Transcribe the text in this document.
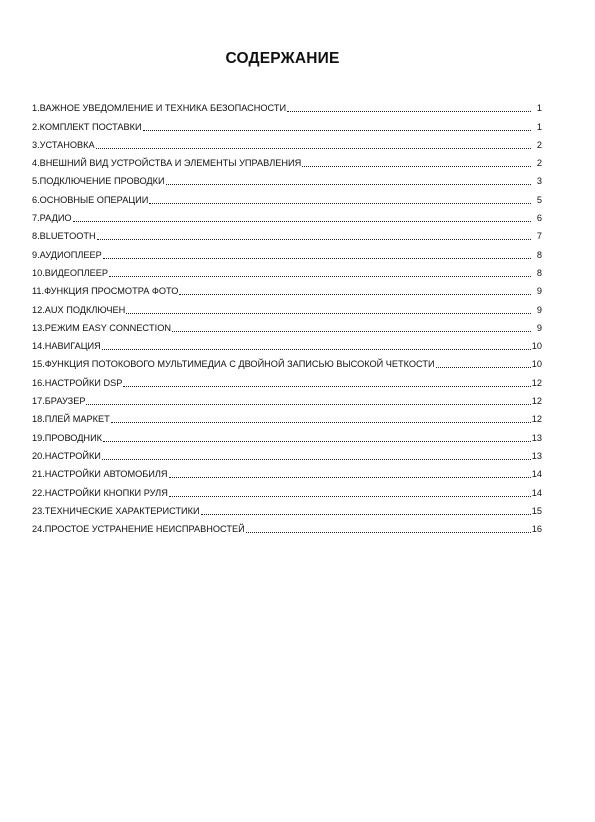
СОДЕРЖАНИЕ
1.ВАЖНОЕ УВЕДОМЛЕНИЕ И ТЕХНИКА БЕЗОПАСНОСТИ	1
2.КОМПЛЕКТ ПОСТАВКИ	1
3.УСТАНОВКА	2
4.ВНЕШНИЙ ВИД УСТРОЙСТВА И ЭЛЕМЕНТЫ УПРАВЛЕНИЯ	2
5.ПОДКЛЮЧЕНИЕ ПРОВОДКИ	3
6.ОСНОВНЫЕ ОПЕРАЦИИ	5
7.РАДИО	6
8.BLUETOOTH	7
9.АУДИОПЛЕЕР	8
10.ВИДЕОПЛЕЕР	8
11.ФУНКЦИЯ ПРОСМОТРА ФОТО	9
12.AUX ПОДКЛЮЧЕН	9
13.РЕЖИМ EASY CONNECTION	9
14.НАВИГАЦИЯ	10
15.ФУНКЦИЯ ПОТОКОВОГО МУЛЬТИМЕДИА С ДВОЙНОЙ ЗАПИСЬЮ ВЫСОКОЙ ЧЕТКОСТИ	10
16.НАСТРОЙКИ DSP	12
17.БРАУЗЕР	12
18.ПЛЕЙ МАРКЕТ	12
19.ПРОВОДНИК	13
20.НАСТРОЙКИ	13
21.НАСТРОЙКИ АВТОМОБИЛЯ	14
22.НАСТРОЙКИ КНОПКИ РУЛЯ	14
23.ТЕХНИЧЕСКИЕ ХАРАКТЕРИСТИКИ	15
24.ПРОСТОЕ УСТРАНЕНИЕ НЕИСПРАВНОСТЕЙ	16
